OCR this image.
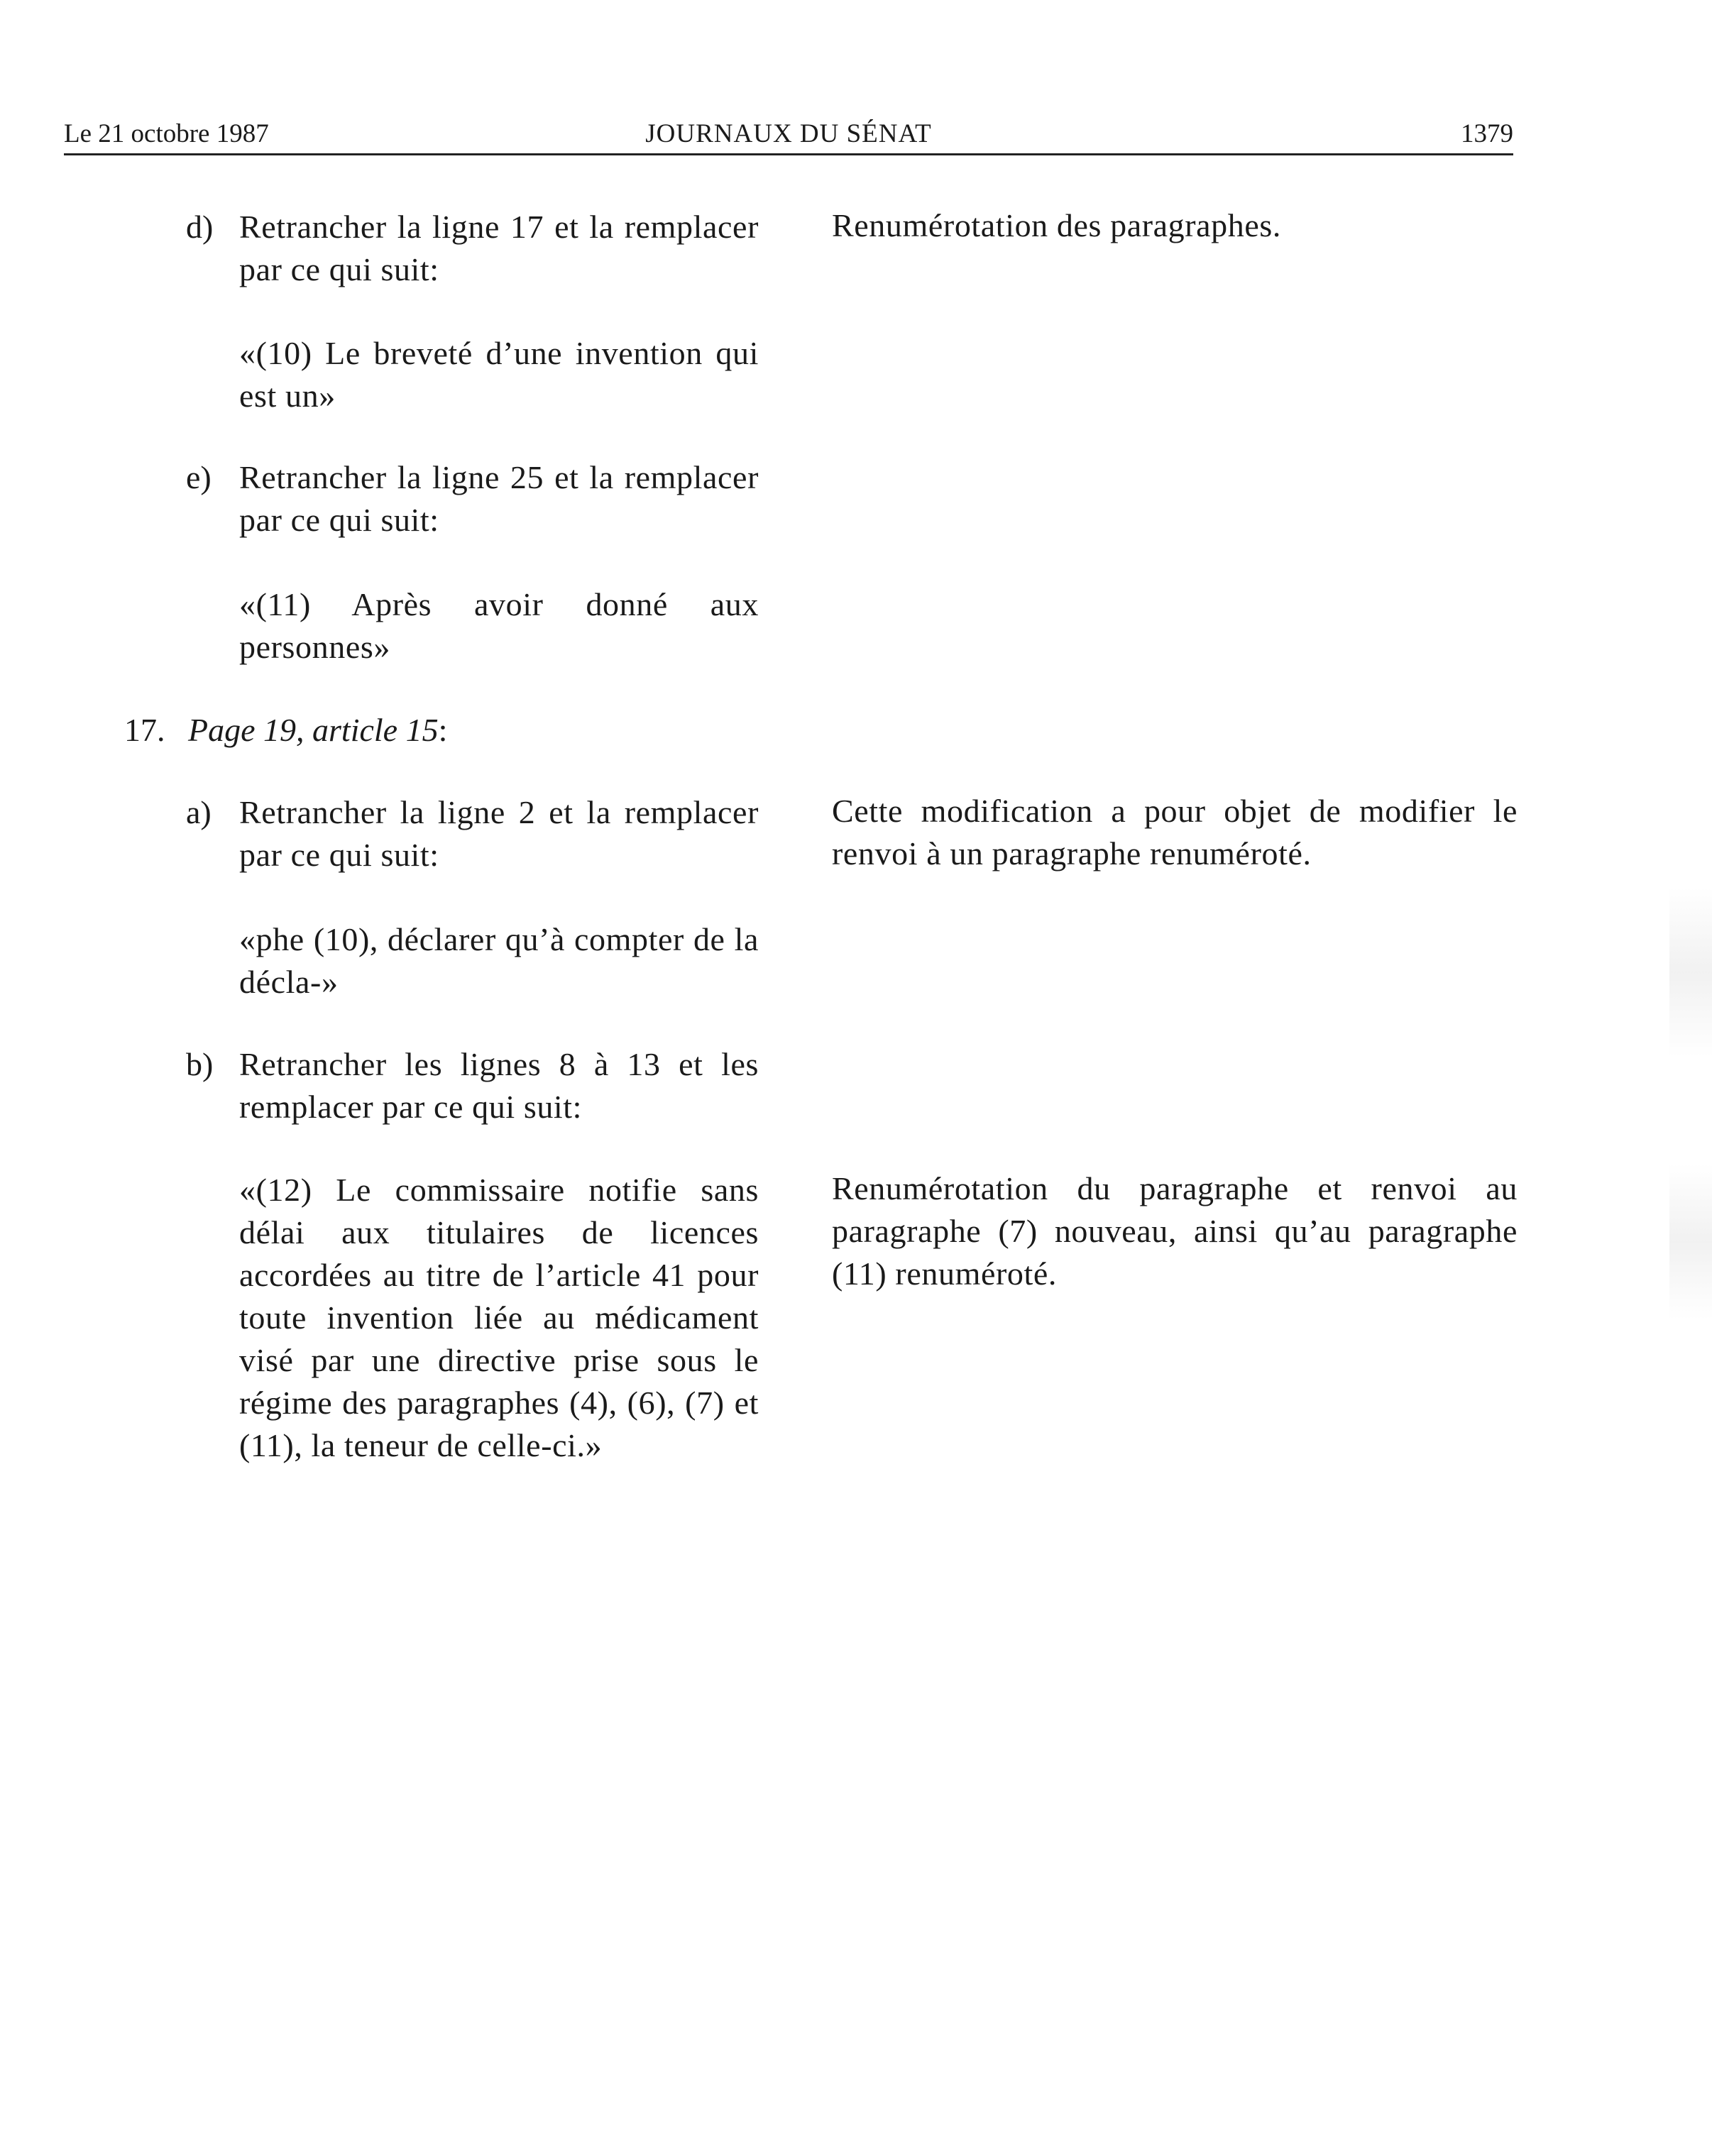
Le 21 octobre 1987	JOURNAUX DU SÉNAT	1379
d) Retrancher la ligne 17 et la remplacer par ce qui suit:
«(10) Le breveté d’une invention qui est un»
Renumérotation des paragraphes.
e) Retrancher la ligne 25 et la remplacer par ce qui suit:
«(11) Après avoir donné aux personnes»
17. Page 19, article 15:
a) Retrancher la ligne 2 et la remplacer par ce qui suit:
«phe (10), déclarer qu’à compter de la décla-»
Cette modification a pour objet de modifier le renvoi à un paragraphe renuméroté.
b) Retrancher les lignes 8 à 13 et les remplacer par ce qui suit:
«(12) Le commissaire notifie sans délai aux titulaires de licences accordées au titre de l’article 41 pour toute invention liée au médicament visé par une directive prise sous le régime des paragraphes (4), (6), (7) et (11), la teneur de celle-ci.»
Renumérotation du paragraphe et renvoi au paragraphe (7) nouveau, ainsi qu’au paragraphe (11) renuméroté.
